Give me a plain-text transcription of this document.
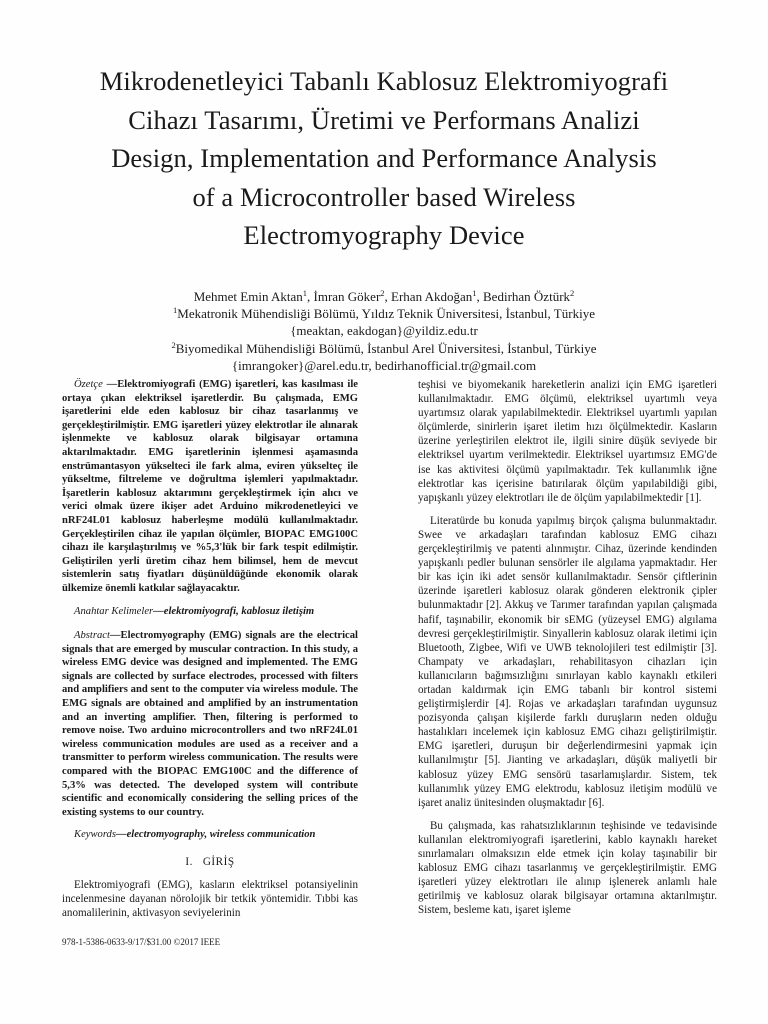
Mikrodenetleyici Tabanlı Kablosuz Elektromiyografi
Cihazı Tasarımı, Üretimi ve Performans Analizi
Design, Implementation and Performance Analysis
of a Microcontroller based Wireless
Electromyography Device
Mehmet Emin Aktan$^1$, İmran Göker$^2$, Erhan Akdoğan$^1$, Bedirhan Öztürk$^2$
$^1$Mekatronik Mühendisliği Bölümü, Yıldız Teknik Üniversitesi, İstanbul, Türkiye
{meaktan, eakdogan}@yildiz.edu.tr
$^2$Biyomedikal Mühendisliği Bölümü, İstanbul Arel Üniversitesi, İstanbul, Türkiye
{imrangoker}@arel.edu.tr, bedirhanofficial.tr@gmail.com

Özetçe —Elektromiyografi (EMG) işaretleri, kas kasılması ile ortaya çıkan elektriksel işaretlerdir. Bu çalışmada, EMG işaretlerini elde eden kablosuz bir cihaz tasarlanmış ve gerçekleştirilmiştir. EMG işaretleri yüzey elektrotlar ile alınarak işlenmekte ve kablosuz olarak bilgisayar ortamına aktarılmaktadır. EMG işaretlerinin işlenmesi aşamasında enstrümantasyon yükselteci ile fark alma, eviren yükselteç ile yükseltme, filtreleme ve doğrultma işlemleri yapılmaktadır. İşaretlerin kablosuz aktarımını gerçekleştirmek için alıcı ve verici olmak üzere ikişer adet Arduino mikrodenetleyici ve nRF24L01 kablosuz haberleşme modülü kullanılmaktadır. Gerçekleştirilen cihaz ile yapılan ölçümler, BIOPAC EMG100C cihazı ile karşılaştırılmış ve %5,3'lük bir fark tespit edilmiştir. Geliştirilen yerli üretim cihaz hem bilimsel, hem de mevcut sistemlerin satış fiyatları düşünüldüğünde ekonomik olarak ülkemize önemli katkılar sağlayacaktır.

Anahtar Kelimeler—elektromiyografi, kablosuz iletişim

Abstract—Electromyography (EMG) signals are the electrical signals that are emerged by muscular contraction. In this study, a wireless EMG device was designed and implemented. The EMG signals are collected by surface electrodes, processed with filters and amplifiers and sent to the computer via wireless module. The EMG signals are obtained and amplified by an instrumentation and an inverting amplifier. Then, filtering is performed to remove noise. Two arduino microcontrollers and two nRF24L01 wireless communication modules are used as a receiver and a transmitter to perform wireless communication. The results were compared with the BIOPAC EMG100C and the difference of 5,3% was detected. The developed system will contribute scientific and economically considering the selling prices of the existing systems to our country.

Keywords—electromyography, wireless communication

I. GİRİŞ

Elektromiyografi (EMG), kasların elektriksel potansiyelinin incelenmesine dayanan nörolojik bir tetkik yöntemidir. Tıbbi kas anomalilerinin, aktivasyon seviyelerinin

teşhisi ve biyomekanik hareketlerin analizi için EMG işaretleri kullanılmaktadır. EMG ölçümü, elektriksel uyartımlı veya uyartımsız olarak yapılabilmektedir. Elektriksel uyartımlı yapılan ölçümlerde, sinirlerin işaret iletim hızı ölçülmektedir. Kasların üzerine yerleştirilen elektrot ile, ilgili sinire düşük seviyede bir elektriksel uyartım verilmektedir. Elektriksel uyartımsız EMG'de ise kas aktivitesi ölçümü yapılmaktadır. Tek kullanımlık iğne elektrotlar kas içerisine batırılarak ölçüm yapılabildiği gibi, yapışkanlı yüzey elektrotları ile de ölçüm yapılabilmektedir [1].

Literatürde bu konuda yapılmış birçok çalışma bulunmaktadır. Swee ve arkadaşları tarafından kablosuz EMG cihazı gerçekleştirilmiş ve patenti alınmıştır. Cihaz, üzerinde kendinden yapışkanlı pedler bulunan sensörler ile algılama yapmaktadır. Her bir kas için iki adet sensör kullanılmaktadır. Sensör çiftlerinin üzerinde işaretleri kablosuz olarak gönderen elektronik çipler bulunmaktadır [2]. Akkuş ve Tarımer tarafından yapılan çalışmada hafif, taşınabilir, ekonomik bir sEMG (yüzeysel EMG) algılama devresi gerçekleştirilmiştir. Sinyallerin kablosuz olarak iletimi için Bluetooth, Zigbee, Wifi ve UWB teknolojileri test edilmiştir [3]. Champaty ve arkadaşları, rehabilitasyon cihazları için kullanıcıların bağımsızlığını sınırlayan kablo kaynaklı etkileri ortadan kaldırmak için EMG tabanlı bir kontrol sistemi geliştirmişlerdir [4]. Rojas ve arkadaşları tarafından uygunsuz pozisyonda çalışan kişilerde farklı duruşların neden olduğu hastalıkları incelemek için kablosuz EMG cihazı geliştirilmiştir. EMG işaretleri, duruşun bir değerlendirmesini yapmak için kullanılmıştır [5]. Jianting ve arkadaşları, düşük maliyetli bir kablosuz yüzey EMG sensörü tasarlamışlardır. Sistem, tek kullanımlık yüzey EMG elektrodu, kablosuz iletişim modülü ve işaret analiz ünitesinden oluşmaktadır [6].

Bu çalışmada, kas rahatsızlıklarının teşhisinde ve tedavisinde kullanılan elektromiyografi işaretlerini, kablo kaynaklı hareket sınırlamaları olmaksızın elde etmek için kolay taşınabilir bir kablosuz EMG cihazı tasarlanmış ve gerçekleştirilmiştir. EMG işaretleri yüzey elektrotları ile alınıp işlenerek anlamlı hale getirilmiş ve kablosuz olarak bilgisayar ortamına aktarılmıştır. Sistem, besleme katı, işaret işleme

978-1-5386-0633-9/17/$31.00 ©2017 IEEE
